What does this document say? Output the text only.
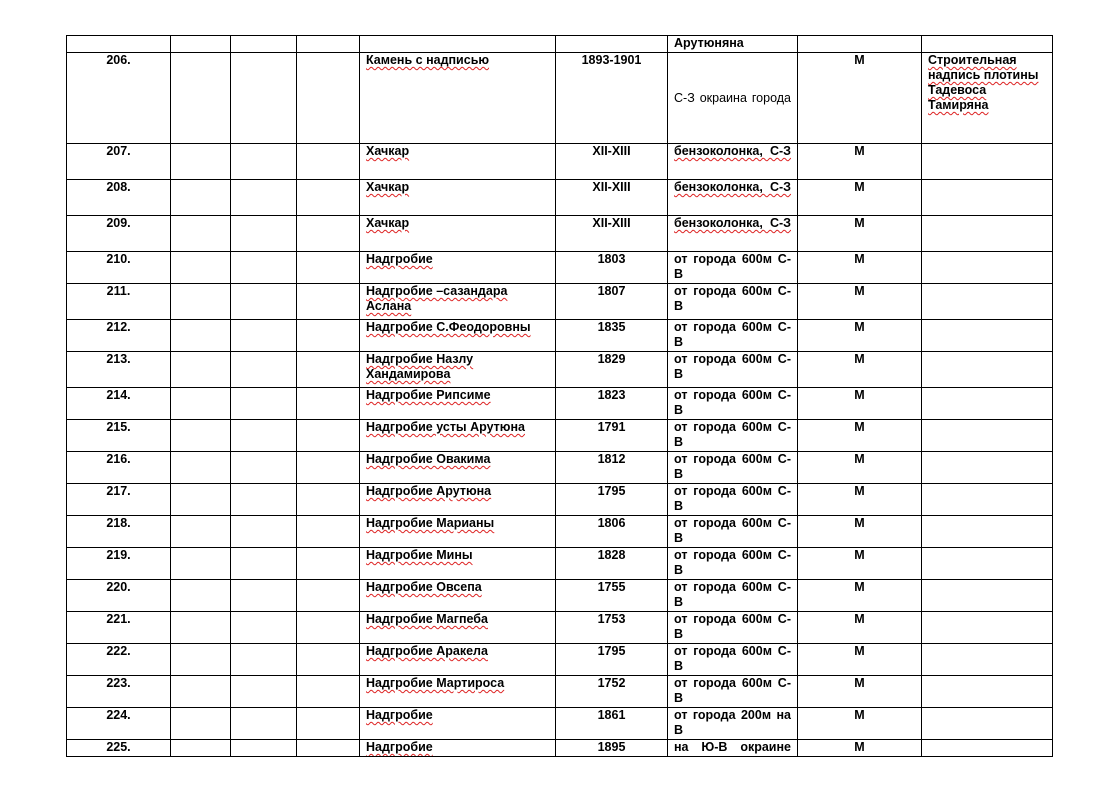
						Арутюняна		
206.				Камень с надписью	1893-1901	С-З окраина города	М	Строительная надпись плотины Тадевоса Тамиряна
207.				Хачкар	XII-XIII	бензоколонка, С-З	М	
208.				Хачкар	XII-XIII	бензоколонка, С-З	М	
209.				Хачкар	XII-XIII	бензоколонка, С-З	М	
210.				Надгробие	1803	от города 600м С-В	М	
211.				Надгробие –сазандара Аслана	1807	от города 600м С-В	М	
212.				Надгробие С.Феодоровны	1835	от города 600м С-В	М	
213.				Надгробие Назлу Хандамирова	1829	от города 600м С-В	М	
214.				Надгробие Рипсиме	1823	от города 600м С-В	М	
215.				Надгробие усты Арутюна	1791	от города 600м С-В	М	
216.				Надгробие Овакима	1812	от города 600м С-В	М	
217.				Надгробие Арутюна	1795	от города 600м С-В	М	
218.				Надгробие Марианы	1806	от города 600м С-В	М	
219.				Надгробие Мины	1828	от города 600м С-В	М	
220.				Надгробие Овсепа	1755	от города 600м С-В	М	
221.				Надгробие Магпеба	1753	от города 600м С-В	М	
222.				Надгробие Аракела	1795	от города 600м С-В	М	
223.				Надгробие Мартироса	1752	от города 600м С-В	М	
224.				Надгробие	1861	от города 200м на В	М	
225.				Надгробие	1895	на Ю-В окраине	М	
